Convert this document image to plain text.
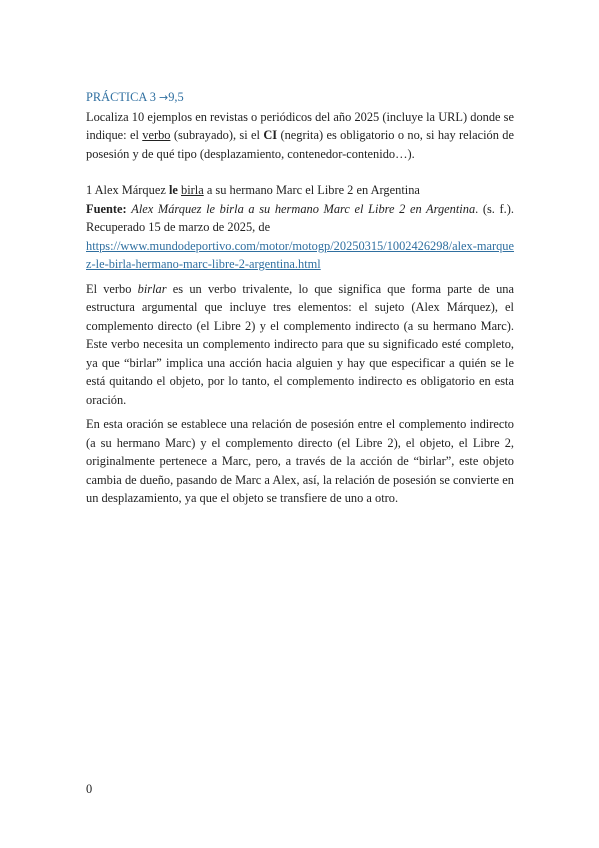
PRÁCTICA 3 →9,5

Localiza 10 ejemplos en revistas o periódicos del año 2025 (incluye la URL) donde se indique: el verbo (subrayado), si el CI (negrita) es obligatorio o no, si hay relación de posesión y de qué tipo (desplazamiento, contenedor-contenido…).

1 Alex Márquez le birla a su hermano Marc el Libre 2 en Argentina

Fuente: Alex Márquez le birla a su hermano Marc el Libre 2 en Argentina. (s. f.). Recuperado 15 de marzo de 2025, de

https://www.mundodeportivo.com/motor/motogp/20250315/1002426298/alex-marquez-le-birla-hermano-marc-libre-2-argentina.html

El verbo birlar es un verbo trivalente, lo que significa que forma parte de una estructura argumental que incluye tres elementos: el sujeto (Alex Márquez), el complemento directo (el Libre 2) y el complemento indirecto (a su hermano Marc). Este verbo necesita un complemento indirecto para que su significado esté completo, ya que “birlar” implica una acción hacia alguien y hay que especificar a quién se le está quitando el objeto, por lo tanto, el complemento indirecto es obligatorio en esta oración.

En esta oración se establece una relación de posesión entre el complemento indirecto (a su hermano Marc) y el complemento directo (el Libre 2), el objeto, el Libre 2, originalmente pertenece a Marc, pero, a través de la acción de “birlar”, este objeto cambia de dueño, pasando de Marc a Alex, así, la relación de posesión se convierte en un desplazamiento, ya que el objeto se transfiere de uno a otro.

0
